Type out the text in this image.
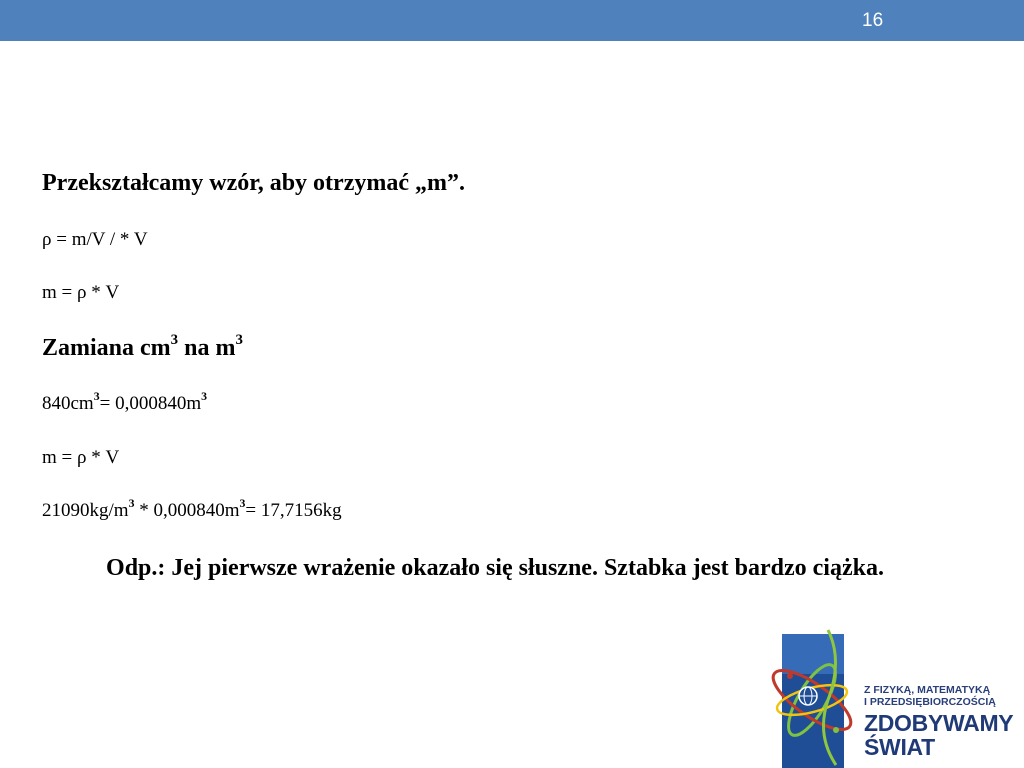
16
Przekształcamy wzór, aby otrzymać „m”.
ρ = m/V / * V
m = ρ * V
Zamiana $cm^3$ na $m^3$
$840cm^3= 0,000840m^3$
m = ρ * V
$21090kg/m^3 * 0,000840m^3= 17,7156kg$
Odp.: Jej pierwsze wrażenie okazało się słuszne. Sztabka jest bardzo ciążka.
Z FIZYKĄ, MATEMATYKĄ
I PRZEDSIĘBIORCZOŚCIĄ
ZDOBYWAMY
ŚWIAT
